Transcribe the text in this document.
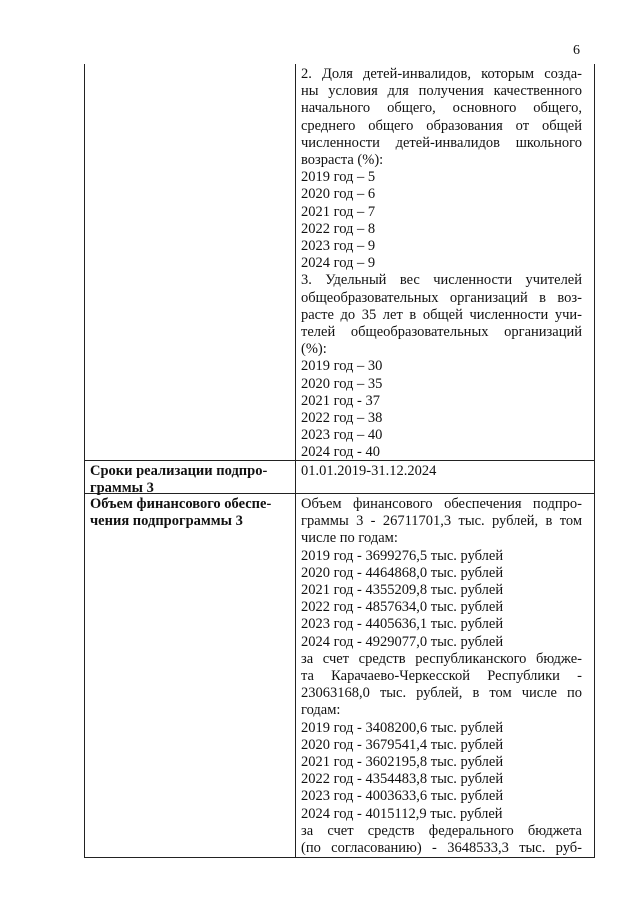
6

2. Доля детей-инвалидов, которым созда-

ны условия для получения качественного

начального общего, основного общего,

среднего общего образования от общей

численности детей-инвалидов школьного

возраста (%):

2019 год – 5

2020 год – 6

2021 год – 7

2022 год – 8

2023 год – 9

2024 год – 9

3. Удельный вес численности учителей

общеобразовательных организаций в воз-

расте до 35 лет в общей численности учи-

телей общеобразовательных организаций

(%):

2019 год – 30

2020 год – 35

2021 год - 37

2022 год – 38

2023 год – 40

2024 год - 40

Сроки реализации подпро-

граммы 3

01.01.2019-31.12.2024

Объем финансового обеспе-

чения подпрограммы 3

Объем финансового обеспечения подпро-

граммы 3 - 26711701,3 тыс. рублей, в том

числе по годам:

2019 год - 3699276,5 тыс. рублей

2020 год - 4464868,0 тыс. рублей

2021 год - 4355209,8 тыс. рублей

2022 год - 4857634,0 тыс. рублей

2023 год - 4405636,1 тыс. рублей

2024 год - 4929077,0 тыс. рублей

за счет средств республиканского бюдже-

та Карачаево-Черкесской Республики -

23063168,0 тыс. рублей, в том числе по

годам:

2019 год - 3408200,6 тыс. рублей

2020 год - 3679541,4 тыс. рублей

2021 год - 3602195,8 тыс. рублей

2022 год - 4354483,8 тыс. рублей

2023 год - 4003633,6 тыс. рублей

2024 год - 4015112,9 тыс. рублей

за счет средств федерального бюджета

(по согласованию) - 3648533,3 тыс. руб-
